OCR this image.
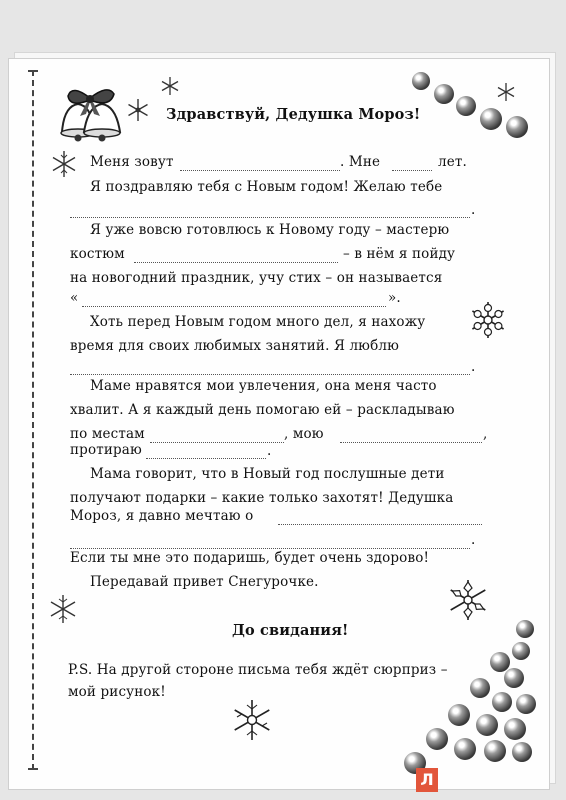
Здравствуй, Дедушка Мороз!
Меня зовут	. Мне	лет.
Я поздравляю тебя с Новым годом! Желаю тебе
.
Я уже вовсю готовлюсь к Новому году – мастерю
костюм	– в нём я пойду
на новогодний праздник, учу стих – он называется
«	».
Хоть перед Новым годом много дел, я нахожу
время для своих любимых занятий. Я люблю
.
Маме нравятся мои увлечения, она меня часто
хвалит. А я каждый день помогаю ей – раскладываю
по местам	, мою	,
протираю	.
Мама говорит, что в Новый год послушные дети
получают подарки – какие только захотят! Дедушка
Мороз, я давно мечтаю о
.
Если ты мне это подаришь, будет очень здорово!
Передавай привет Снегурочке.
До свидания!
P.S. На другой стороне письма тебя ждёт сюрприз –
мой рисунок!
Л
